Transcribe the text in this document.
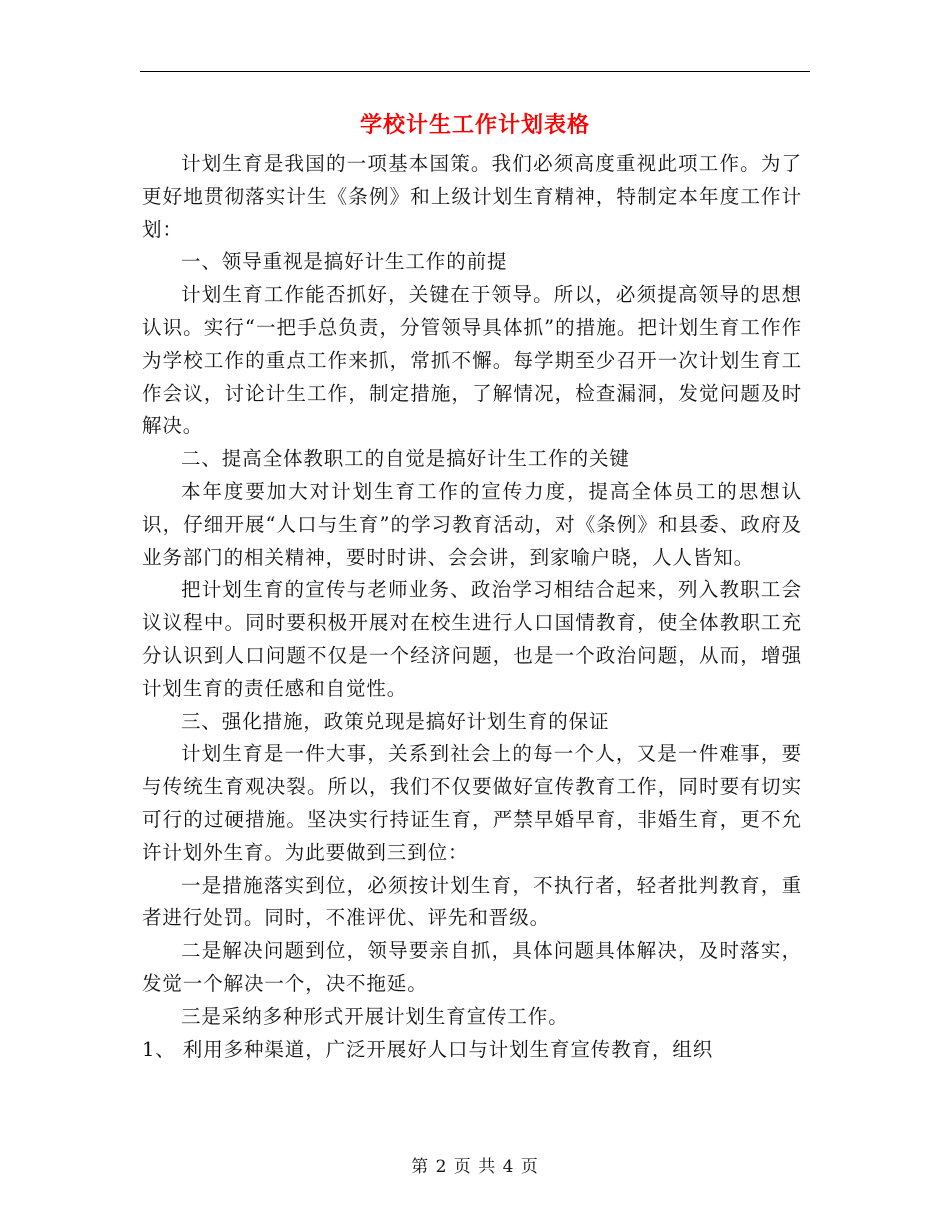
学校计生工作计划表格

计划生育是我国的一项基本国策。我们必须高度重视此项工作。为了更好地贯彻落实计生《条例》和上级计划生育精神，特制定本年度工作计划：

一、领导重视是搞好计生工作的前提

计划生育工作能否抓好，关键在于领导。所以，必须提高领导的思想认识。实行“一把手总负责，分管领导具体抓”的措施。把计划生育工作作为学校工作的重点工作来抓，常抓不懈。每学期至少召开一次计划生育工作会议，讨论计生工作，制定措施，了解情况，检查漏洞，发觉问题及时解决。

二、提高全体教职工的自觉是搞好计生工作的关键

本年度要加大对计划生育工作的宣传力度，提高全体员工的思想认识，仔细开展“人口与生育”的学习教育活动，对《条例》和县委、政府及业务部门的相关精神，要时时讲、会会讲，到家喻户晓，人人皆知。

把计划生育的宣传与老师业务、政治学习相结合起来，列入教职工会议议程中。同时要积极开展对在校生进行人口国情教育，使全体教职工充分认识到人口问题不仅是一个经济问题，也是一个政治问题，从而，增强计划生育的责任感和自觉性。

三、强化措施，政策兑现是搞好计划生育的保证

计划生育是一件大事，关系到社会上的每一个人，又是一件难事，要与传统生育观决裂。所以，我们不仅要做好宣传教育工作，同时要有切实可行的过硬措施。坚决实行持证生育，严禁早婚早育，非婚生育，更不允许计划外生育。为此要做到三到位：

一是措施落实到位，必须按计划生育，不执行者，轻者批判教育，重者进行处罚。同时，不准评优、评先和晋级。

二是解决问题到位，领导要亲自抓，具体问题具体解决，及时落实，发觉一个解决一个，决不拖延。

三是采纳多种形式开展计划生育宣传工作。

1、 利用多种渠道，广泛开展好人口与计划生育宣传教育，组织

第 2 页 共 4 页
